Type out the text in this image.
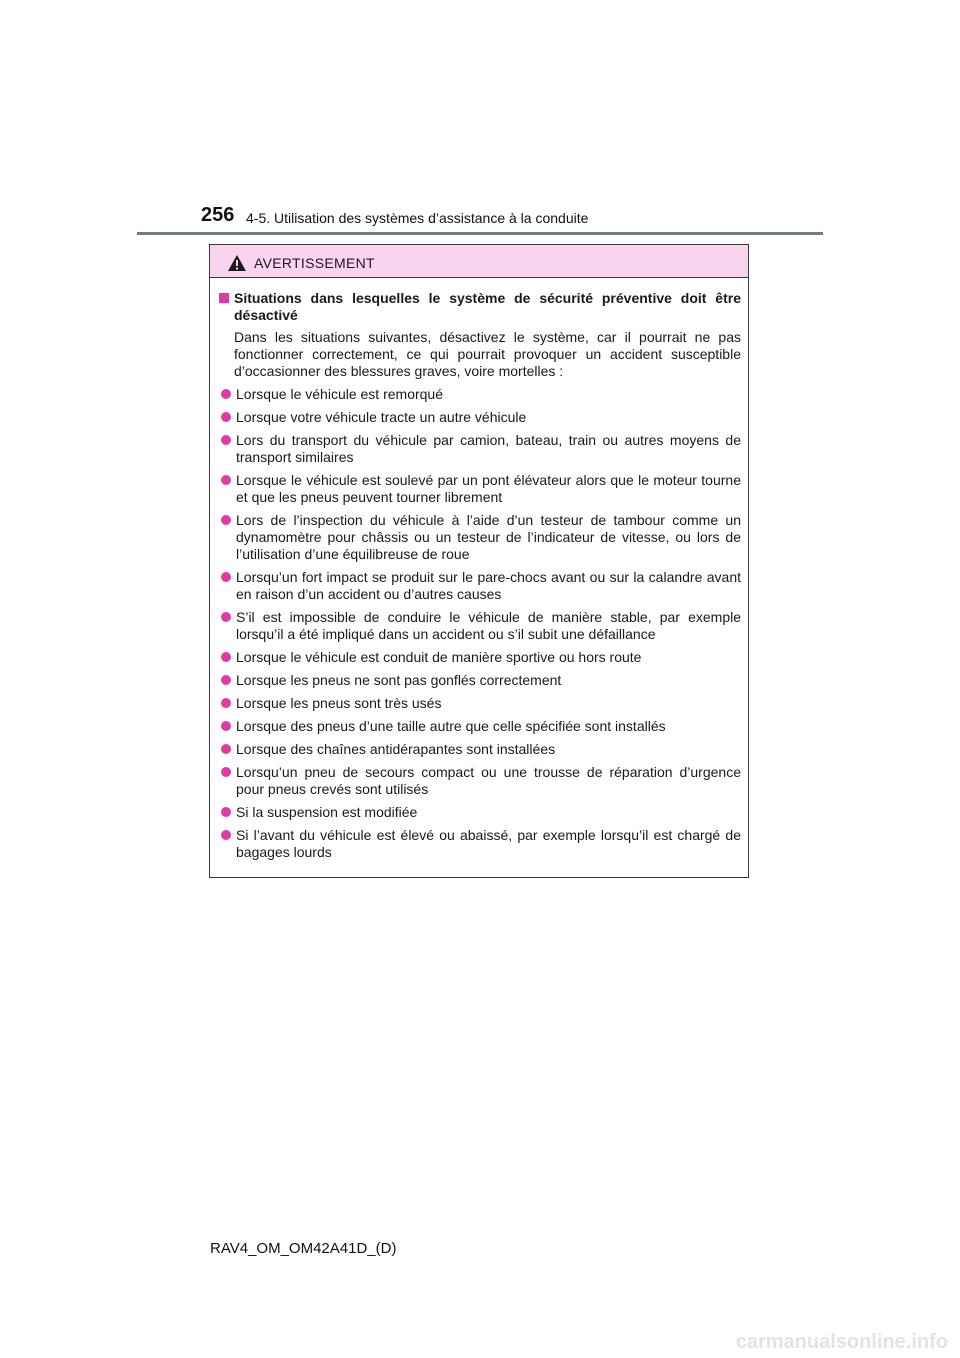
256 4-5. Utilisation des systèmes d’assistance à la conduite
AVERTISSEMENT
Situations dans lesquelles le système de sécurité préventive doit être désactivé
Dans les situations suivantes, désactivez le système, car il pourrait ne pas fonctionner correctement, ce qui pourrait provoquer un accident susceptible d’occasionner des blessures graves, voire mortelles :
Lorsque le véhicule est remorqué
Lorsque votre véhicule tracte un autre véhicule
Lors du transport du véhicule par camion, bateau, train ou autres moyens de transport similaires
Lorsque le véhicule est soulevé par un pont élévateur alors que le moteur tourne et que les pneus peuvent tourner librement
Lors de l’inspection du véhicule à l’aide d’un testeur de tambour comme un dynamomètre pour châssis ou un testeur de l’indicateur de vitesse, ou lors de l’utilisation d’une équilibreuse de roue
Lorsqu’un fort impact se produit sur le pare-chocs avant ou sur la calandre avant en raison d’un accident ou d’autres causes
S’il est impossible de conduire le véhicule de manière stable, par exemple lorsqu’il a été impliqué dans un accident ou s’il subit une défaillance
Lorsque le véhicule est conduit de manière sportive ou hors route
Lorsque les pneus ne sont pas gonflés correctement
Lorsque les pneus sont très usés
Lorsque des pneus d’une taille autre que celle spécifiée sont installés
Lorsque des chaînes antidérapantes sont installées
Lorsqu’un pneu de secours compact ou une trousse de réparation d’urgence pour pneus crevés sont utilisés
Si la suspension est modifiée
Si l’avant du véhicule est élevé ou abaissé, par exemple lorsqu’il est chargé de bagages lourds
RAV4_OM_OM42A41D_(D)
carmanualsonline.info
